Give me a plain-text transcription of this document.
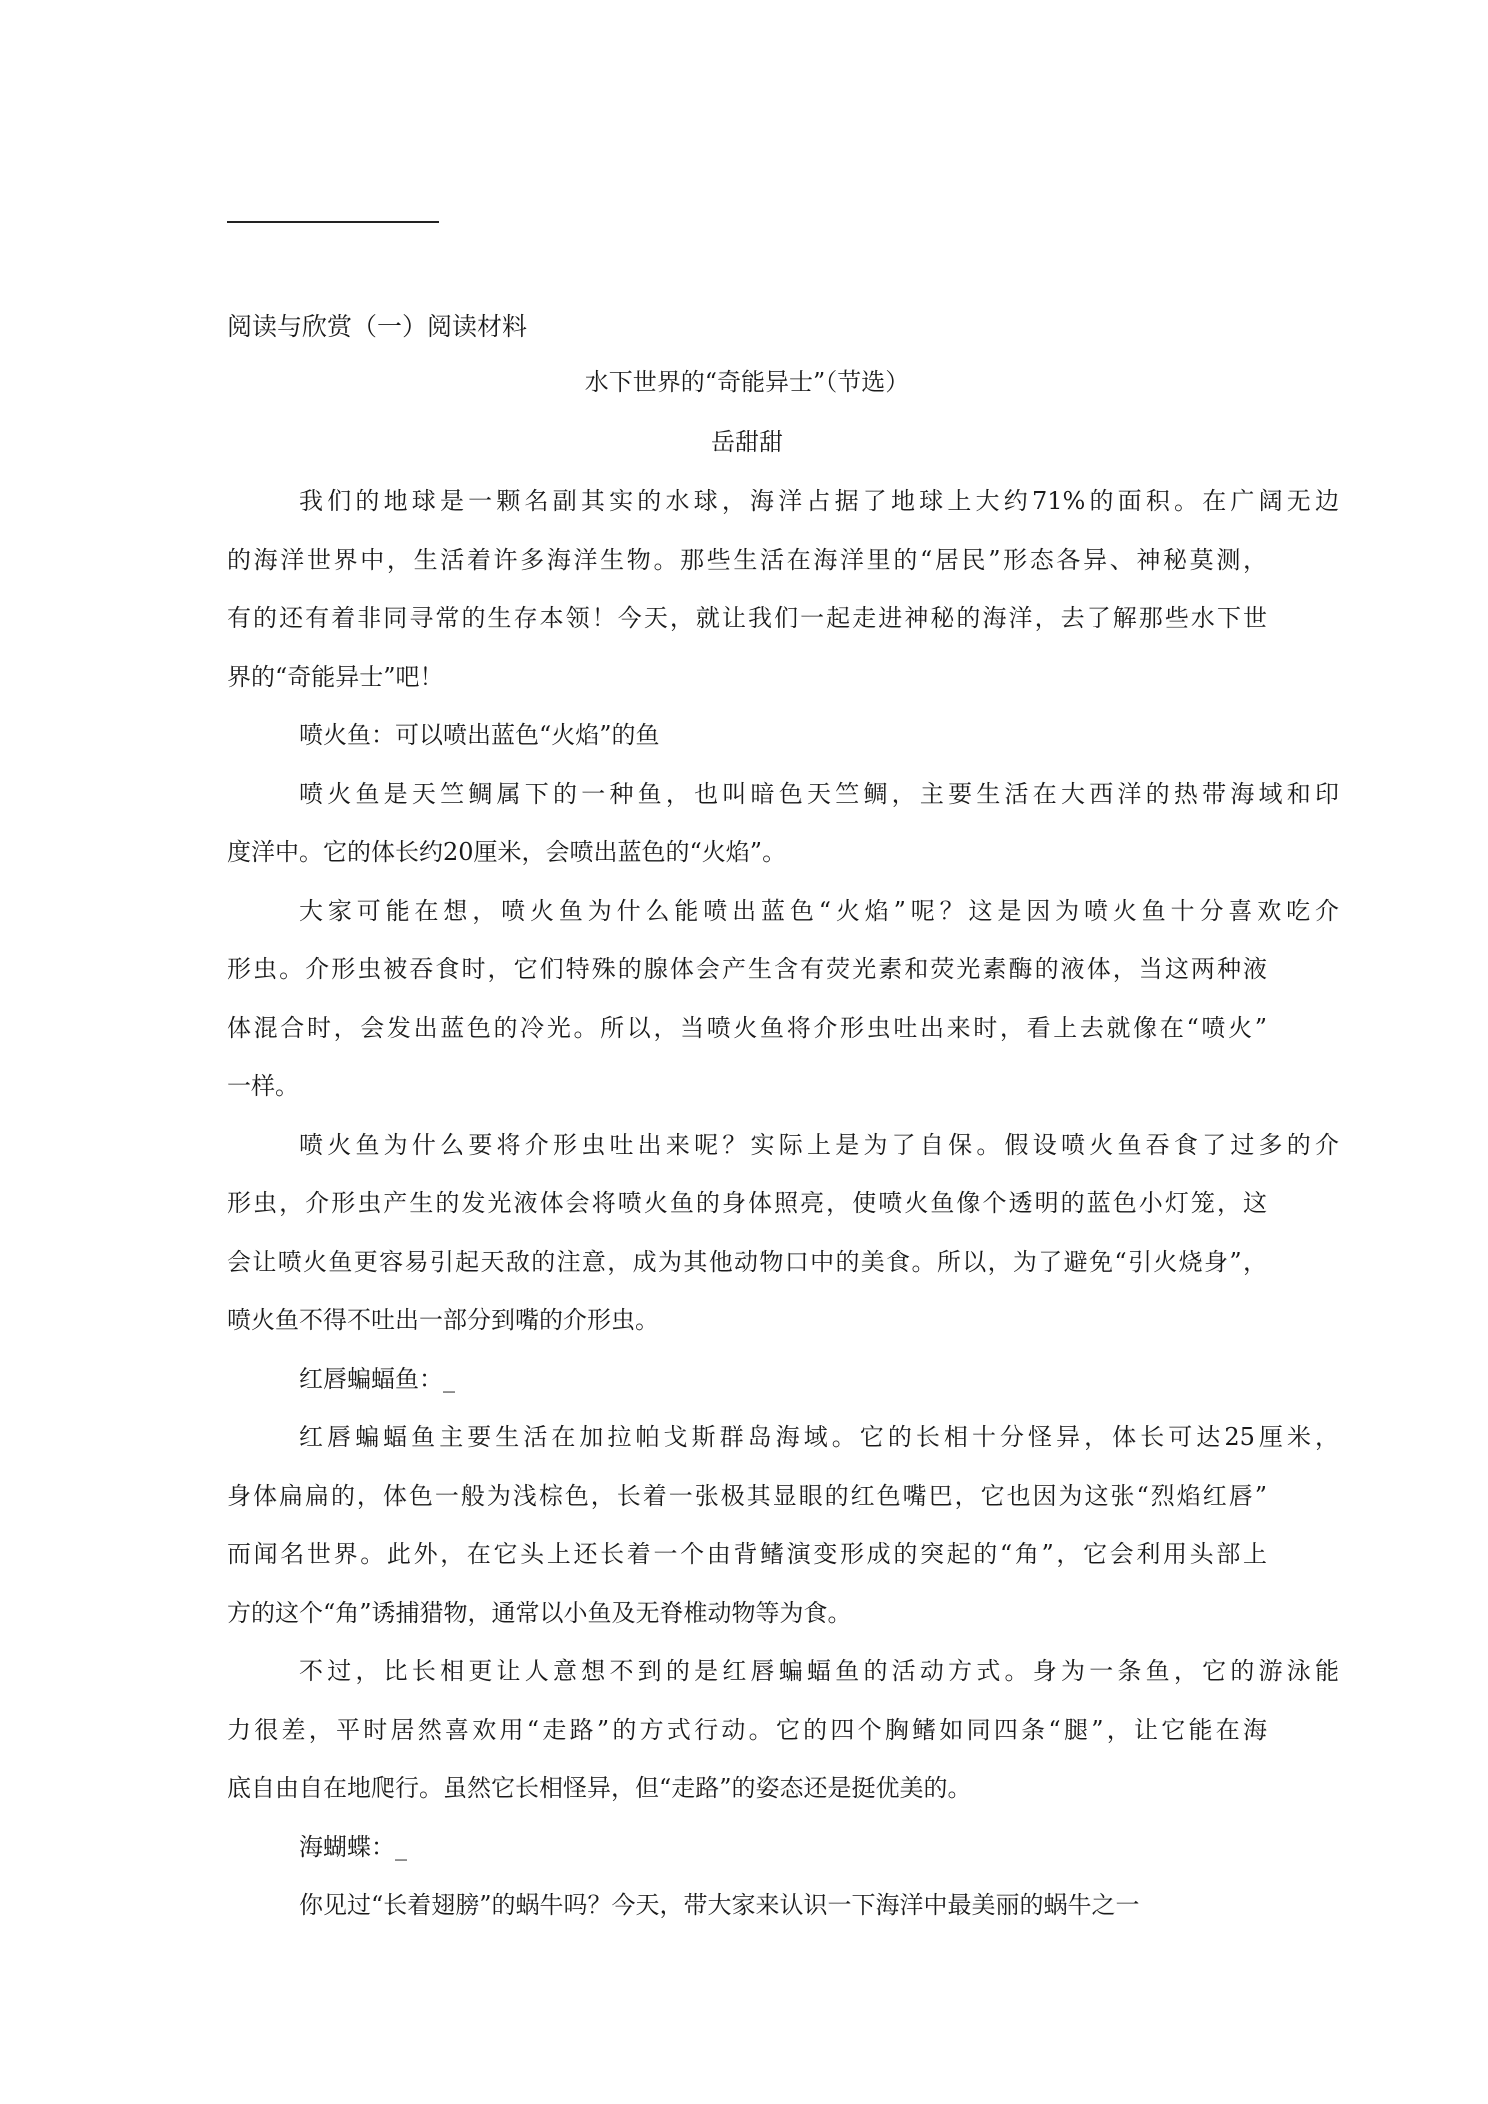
阅读与欣赏（一）阅读材料
水下世界的“奇能异士”（节选）
岳甜甜
我们的地球是一颗名副其实的水球，海洋占据了地球上大约71%的面积。在广阔无边
的海洋世界中，生活着许多海洋生物。那些生活在海洋里的“居民”形态各异、神秘莫测，
有的还有着非同寻常的生存本领！今天，就让我们一起走进神秘的海洋，去了解那些水下世
界的“奇能异士”吧！
喷火鱼：可以喷出蓝色“火焰”的鱼
喷火鱼是天竺鲷属下的一种鱼，也叫暗色天竺鲷，主要生活在大西洋的热带海域和印
度洋中。它的体长约20厘米，会喷出蓝色的“火焰”。
大家可能在想，喷火鱼为什么能喷出蓝色“火焰”呢？这是因为喷火鱼十分喜欢吃介
形虫。介形虫被吞食时，它们特殊的腺体会产生含有荧光素和荧光素酶的液体，当这两种液
体混合时，会发出蓝色的冷光。所以，当喷火鱼将介形虫吐出来时，看上去就像在“喷火”
一样。
喷火鱼为什么要将介形虫吐出来呢？实际上是为了自保。假设喷火鱼吞食了过多的介
形虫，介形虫产生的发光液体会将喷火鱼的身体照亮，使喷火鱼像个透明的蓝色小灯笼，这
会让喷火鱼更容易引起天敌的注意，成为其他动物口中的美食。所以，为了避免“引火烧身”，
喷火鱼不得不吐出一部分到嘴的介形虫。
红唇蝙蝠鱼：_
红唇蝙蝠鱼主要生活在加拉帕戈斯群岛海域。它的长相十分怪异，体长可达25厘米，
身体扁扁的，体色一般为浅棕色，长着一张极其显眼的红色嘴巴，它也因为这张“烈焰红唇”
而闻名世界。此外，在它头上还长着一个由背鳍演变形成的突起的“角”，它会利用头部上
方的这个“角”诱捕猎物，通常以小鱼及无脊椎动物等为食。
不过，比长相更让人意想不到的是红唇蝙蝠鱼的活动方式。身为一条鱼，它的游泳能
力很差，平时居然喜欢用“走路”的方式行动。它的四个胸鳍如同四条“腿”，让它能在海
底自由自在地爬行。虽然它长相怪异，但“走路”的姿态还是挺优美的。
海蝴蝶：_
你见过“长着翅膀”的蜗牛吗？今天，带大家来认识一下海洋中最美丽的蜗牛之一
